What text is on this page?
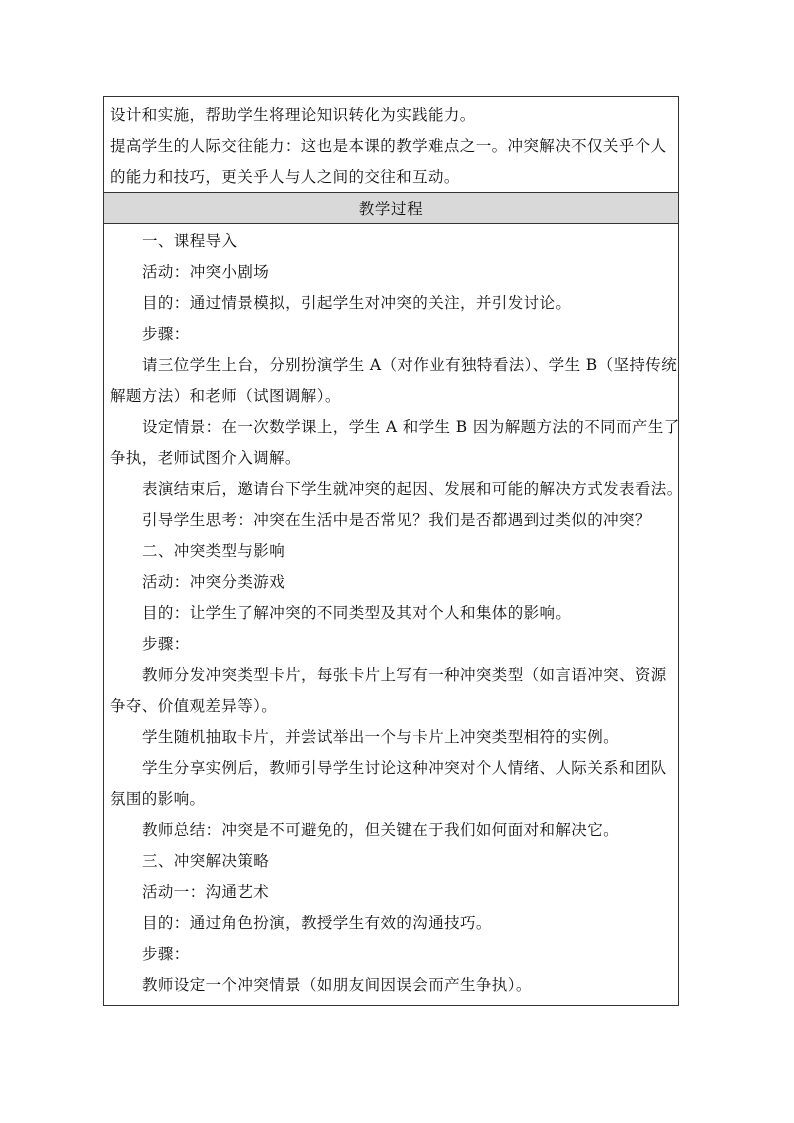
设计和实施，帮助学生将理论知识转化为实践能力。
提高学生的人际交往能力：这也是本课的教学难点之一。冲突解决不仅关乎个人
的能力和技巧，更关乎人与人之间的交往和互动。
教学过程
一、课程导入
活动：冲突小剧场
目的：通过情景模拟，引起学生对冲突的关注，并引发讨论。
步骤：
请三位学生上台，分别扮演学生 A（对作业有独特看法）、学生 B（坚持传统
解题方法）和老师（试图调解）。
设定情景：在一次数学课上，学生 A 和学生 B 因为解题方法的不同而产生了
争执，老师试图介入调解。
表演结束后，邀请台下学生就冲突的起因、发展和可能的解决方式发表看法。
引导学生思考：冲突在生活中是否常见？我们是否都遇到过类似的冲突？
二、冲突类型与影响
活动：冲突分类游戏
目的：让学生了解冲突的不同类型及其对个人和集体的影响。
步骤：
教师分发冲突类型卡片，每张卡片上写有一种冲突类型（如言语冲突、资源
争夺、价值观差异等）。
学生随机抽取卡片，并尝试举出一个与卡片上冲突类型相符的实例。
学生分享实例后，教师引导学生讨论这种冲突对个人情绪、人际关系和团队
氛围的影响。
教师总结：冲突是不可避免的，但关键在于我们如何面对和解决它。
三、冲突解决策略
活动一：沟通艺术
目的：通过角色扮演，教授学生有效的沟通技巧。
步骤：
教师设定一个冲突情景（如朋友间因误会而产生争执）。
